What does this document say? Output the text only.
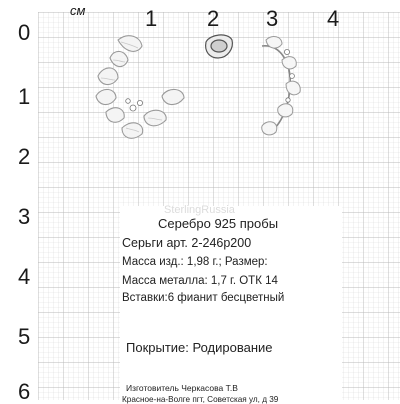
см
0
1 2 3 4
1
2
3
4
5
6
SterlingRussia
Серебро 925 пробы
Серьги арт. 2-246р200
Масса изд.: 1,98 г.; Размер:
Масса металла: 1,7 г. ОТК 14
Вставки:6 фианит бесцветный
Покрытие: Родирование
Изготовитель Черкасова Т.В
Красное-на-Волге пгт, Советская ул, д 39
